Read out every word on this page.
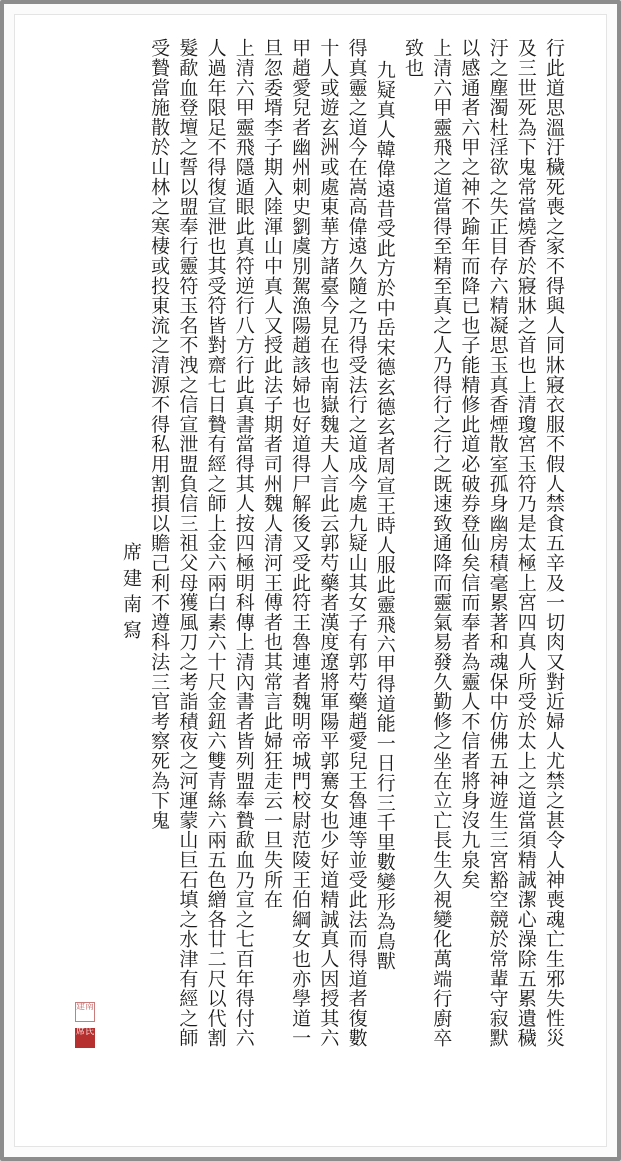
行此道思溫汙穢死喪之家不得與人同牀寢衣服不假人禁食五辛及一切肉又對近婦人尤禁之甚令人神喪魂亡生邪失性災
及三世死為下鬼常當燒香於寢牀之首也上清瓊宮玉符乃是太極上宮四真人所受於太上之道當須精誠潔心澡除五累遺穢
汙之塵濁杜淫欲之失正目存六精凝思玉真香煙散室孤身幽房積毫累著和魂保中仿佛五神遊生三宮豁空競於常輩守寂默
以感通者六甲之神不踰年而降已也子能精修此道必破券登仙矣信而奉者為靈人不信者將身沒九泉矣
上清六甲靈飛之道當得至精至真之人乃得行之行之既速致通降而靈氣易發久勤修之坐在立亡長生久視變化萬端行廚卒
致也
九疑真人韓偉遠昔受此方於中岳宋德玄德玄者周宣王時人服此靈飛六甲得道能一日行三千里數變形為鳥獸
得真靈之道今在嵩高偉遠久隨之乃得受法行之道成今處九疑山其女子有郭芍藥趙愛兒王魯連等並受此法而得道者復數
十人或遊玄洲或處東華方諸臺今見在也南嶽魏夫人言此云郭芍藥者漢度遼將軍陽平郭騫女也少好道精誠真人因授其六
甲趙愛兒者幽州刺史劉虞別駕漁陽趙該婦也好道得尸解後又受此符王魯連者魏明帝城門校尉范陵王伯綱女也亦學道一
旦忽委壻李子期入陸渾山中真人又授此法子期者司州魏人清河王傅者也其常言此婦狂走云一旦失所在
上清六甲靈飛隱遁眼此真符逆行八方行此真書當得其人按四極明科傳上清內書者皆列盟奉贄歃血乃宣之七百年得付六
人過年限足不得復宣泄也其受符皆對齋七日贄有經之師上金六兩白素六十尺金鈕六雙青絲六兩五色繒各廿二尺以代割
髮歃血登壇之誓以盟奉行靈符玉名不洩之信宣泄盟負信三祖父母獲風刀之考詣積夜之河運蒙山巨石填之水津有經之師
受贄當施散於山林之寒棲或投東流之清源不得私用割損以贍己利不遵科法三官考察死為下鬼
席建南寫
建南
席氏
